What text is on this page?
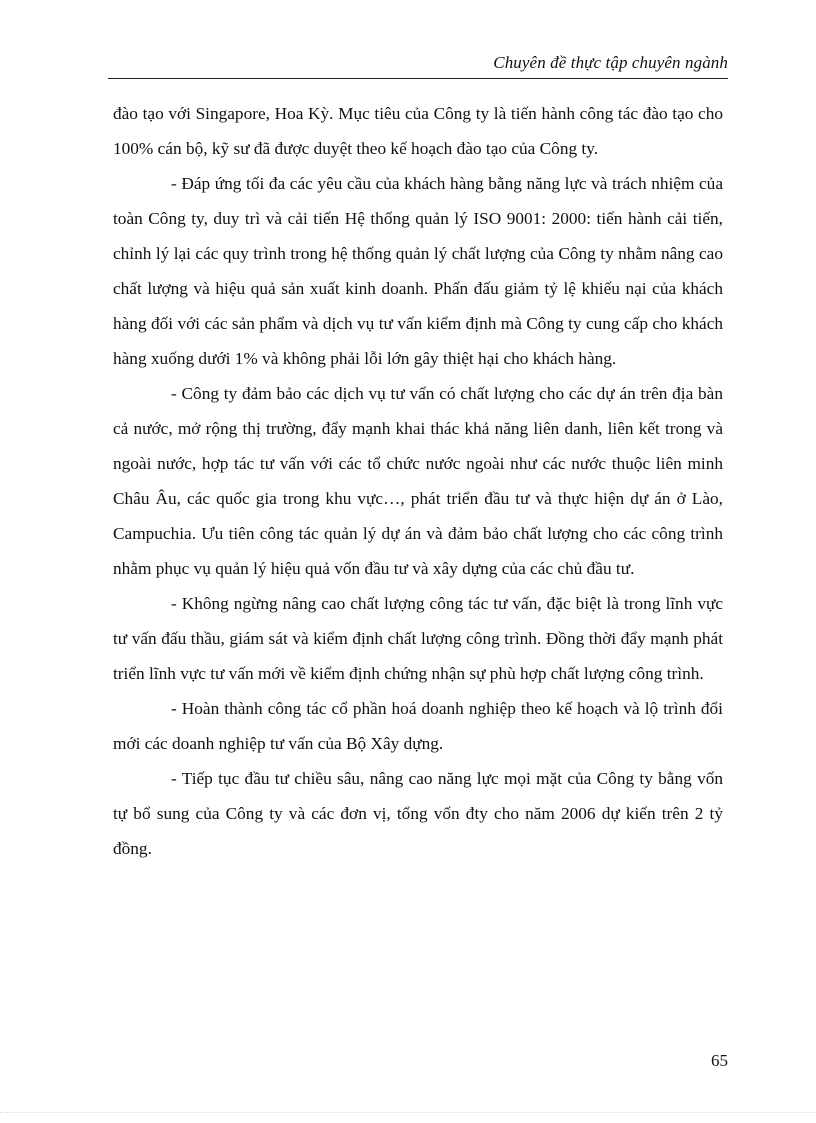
Chuyên đề thực tập chuyên ngành

đào tạo với Singapore, Hoa Kỳ. Mục tiêu của Công ty là tiến hành công tác đào tạo cho 100% cán bộ, kỹ sư đã được duyệt theo kế hoạch đào tạo của Công ty.

- Đáp ứng tối đa các yêu cầu của khách hàng bằng năng lực và trách nhiệm của toàn Công ty, duy trì và cải tiến Hệ thống quản lý ISO 9001: 2000: tiến hành cải tiến, chỉnh lý lại các quy trình trong hệ thống quản lý chất lượng của Công ty nhằm nâng cao chất lượng và hiệu quả sản xuất kinh doanh. Phấn đấu giảm tỷ lệ khiếu nại của khách hàng đối với các sản phẩm và dịch vụ tư vấn kiểm định mà Công ty cung cấp cho khách hàng xuống dưới 1% và không phải lỗi lớn gây thiệt hại cho khách hàng.

- Công ty đảm bảo các dịch vụ tư vấn có chất lượng cho các dự án trên địa bàn cả nước, mở rộng thị trường, đẩy mạnh khai thác khả năng liên danh, liên kết trong và ngoài nước, hợp tác tư vấn với các tổ chức nước ngoài như các nước thuộc liên minh Châu Âu, các quốc gia trong khu vực…, phát triển đầu tư và thực hiện dự án ở Lào, Campuchia. Ưu tiên công tác quản lý dự án và đảm bảo chất lượng cho các công trình nhằm phục vụ quản lý hiệu quả vốn đầu tư và xây dựng của các chủ đầu tư.

- Không ngừng nâng cao chất lượng công tác tư vấn, đặc biệt là trong lĩnh vực tư vấn đấu thầu, giám sát và kiểm định chất lượng công trình. Đồng thời đẩy mạnh phát triển lĩnh vực tư vấn mới về kiểm định chứng nhận sự phù hợp chất lượng công trình.

- Hoàn thành công tác cổ phần hoá doanh nghiệp theo kế hoạch và lộ trình đổi mới các doanh nghiệp tư vấn của Bộ Xây dựng.

- Tiếp tục đầu tư chiều sâu, nâng cao năng lực mọi mặt của Công ty bằng vốn tự bổ sung của Công ty và các đơn vị, tổng vốn đty cho năm 2006 dự kiến trên 2 tỷ đồng.

65
